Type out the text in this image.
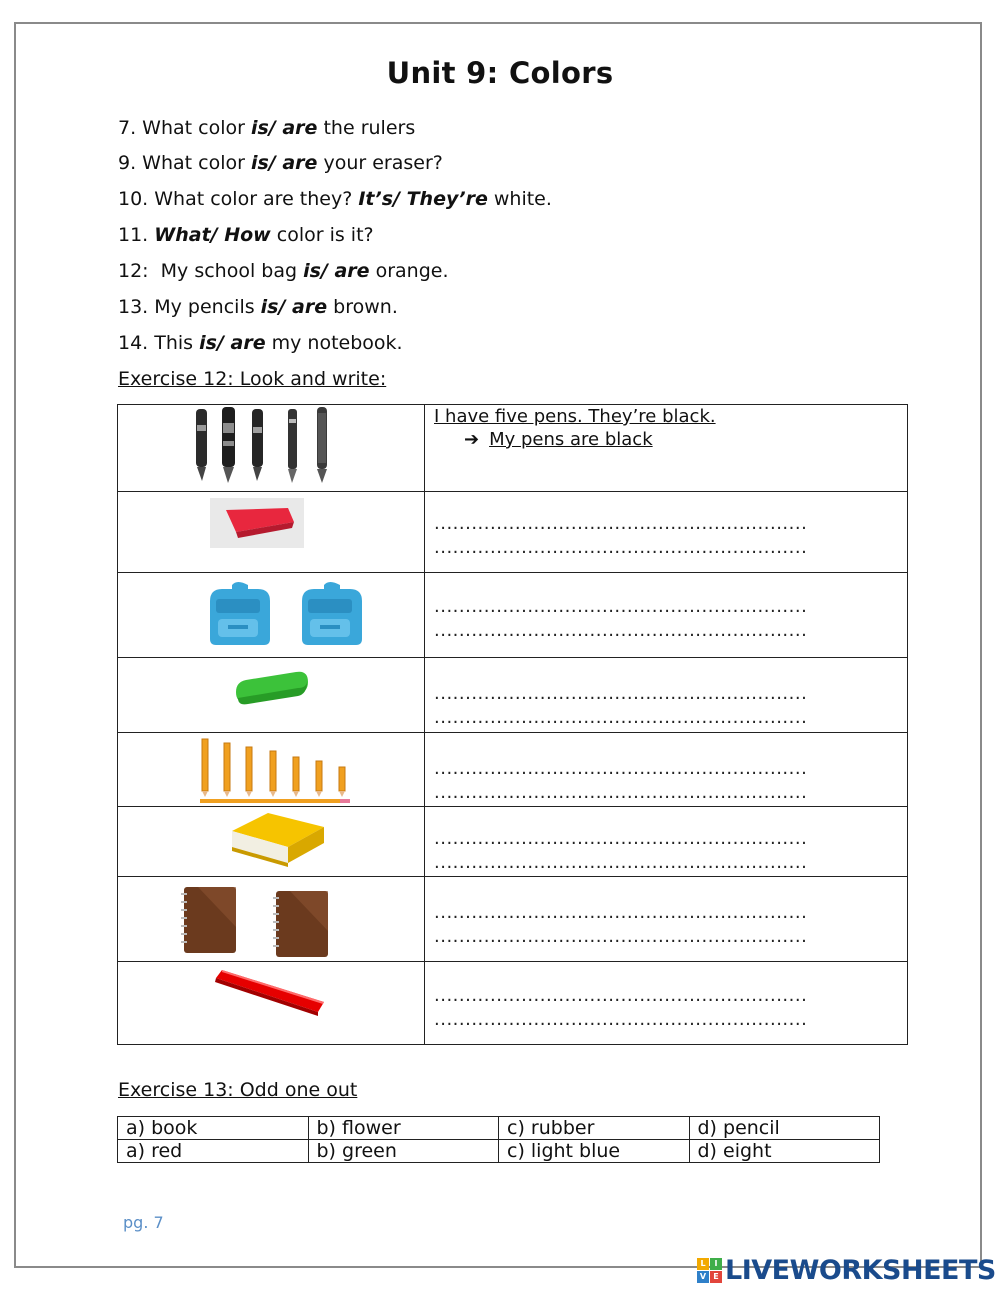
Unit 9: Colors
7. What color is/ are the rulers
9. What color is/ are your eraser?
10. What color are they? It’s/ They’re white.
11. What/ How color is it?
12:  My school bag is/ are orange.
13. My pencils is/ are brown.
14. This is/ are my notebook.
Exercise 12: Look and write:

I have five pens. They’re black.
➔ My pens are black

............................................................
............................................................

............................................................
............................................................

............................................................
............................................................

............................................................
............................................................

............................................................
............................................................

............................................................
............................................................

............................................................
............................................................
Exercise 13: Odd one out
a) book	b) flower	c) rubber	d) pencil
a) red	b) green	c) light blue	d) eight
pg. 7
L	I
V E LIVEWORKSHEETS
